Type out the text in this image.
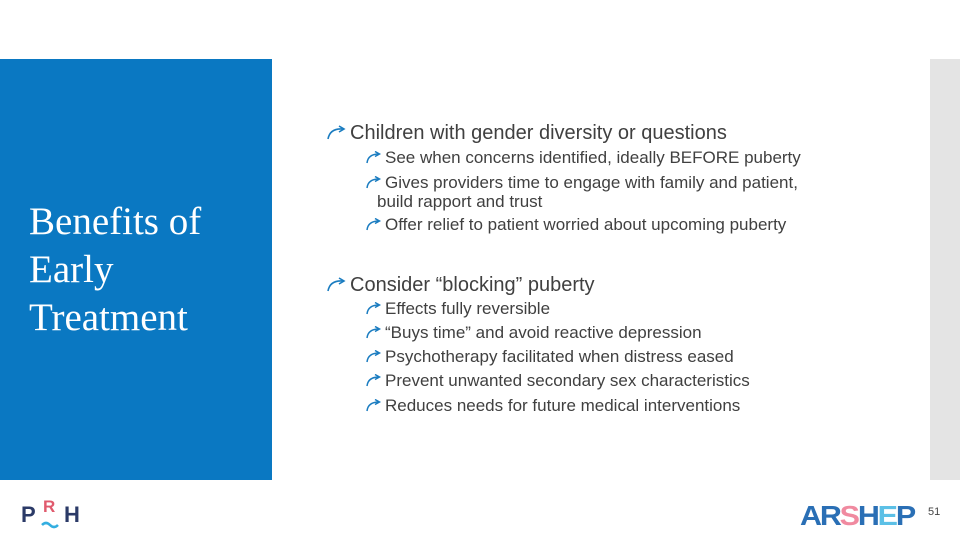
Benefits of Early Treatment
Children with gender diversity or questions
See when concerns identified, ideally BEFORE puberty
Gives providers time to engage with family and patient,
build rapport and trust
Offer relief to patient worried about upcoming puberty
Consider “blocking” puberty
Effects fully reversible
“Buys time” and avoid reactive depression
Psychotherapy facilitated when distress eased
Prevent unwanted secondary sex characteristics
Reduces needs for future medical interventions
P R H	AR SHEP 51
